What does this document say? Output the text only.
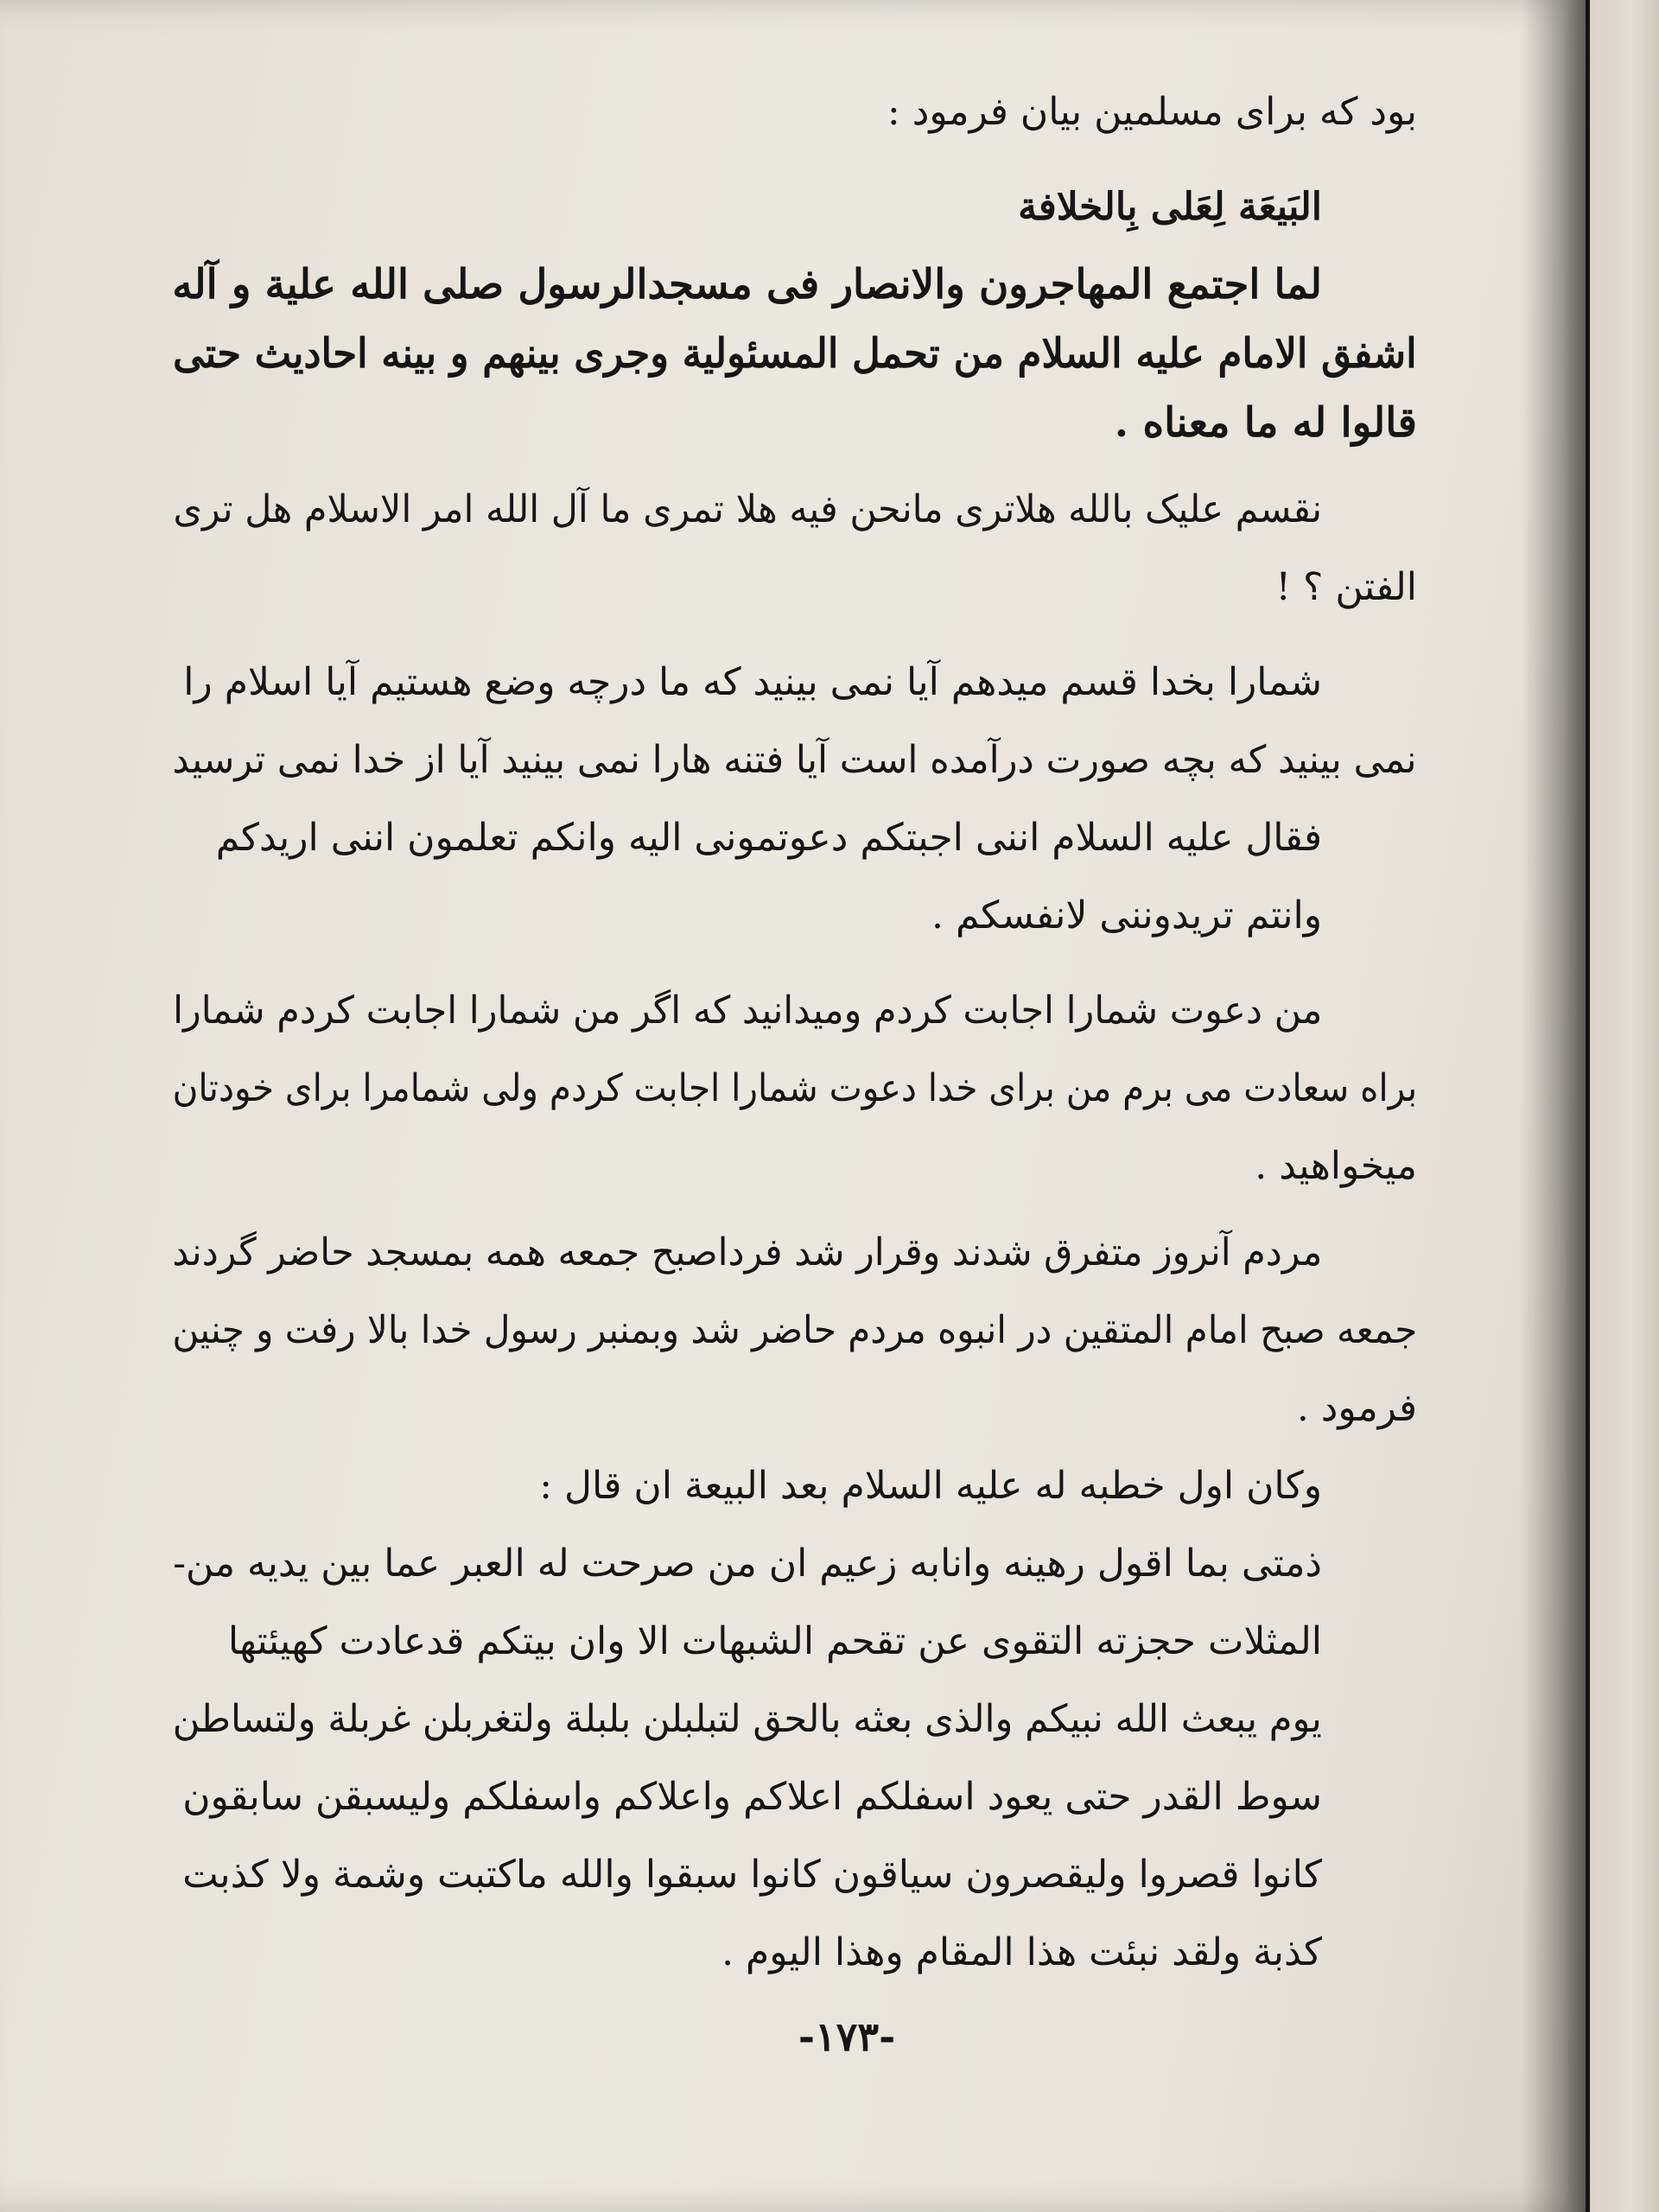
بود که برای مسلمین بیان فرمود :
البَیعَة لِعَلی بِالخلافة
لما اجتمع المهاجرون والانصار فی مسجدالرسول صلی الله علیة و آله
اشفق الامام علیه السلام من تحمل المسئولیة وجری بینهم و بینه احادیث حتی
قالوا له ما معناه .
نقسم علیک بالله هلاتری مانحن فیه هلا تمری ما آل الله امر الاسلام هل تری
الفتن ؟ !
شمارا بخدا قسم میدهم آیا نمی بینید که ما درچه وضع هستیم آیا اسلام را
نمی بینید که بچه صورت درآمده است آیا فتنه هارا نمی بینید آیا از خدا نمی ترسید
فقال علیه السلام اننی اجبتکم دعوتمونی الیه وانکم تعلمون اننی اریدکم
وانتم تریدوننی لانفسکم .
من دعوت شمارا اجابت کردم ومیدانید که اگر من شمارا اجابت کردم شمارا
براه سعادت می برم من برای خدا دعوت شمارا اجابت کردم ولی شمامرا برای خودتان
میخواهید .
مردم آنروز متفرق شدند وقرار شد فرداصبح جمعه همه بمسجد حاضر گردند
جمعه صبح امام المتقین در انبوه مردم حاضر شد وبمنبر رسول خدا بالا رفت و چنین
فرمود .
وکان اول خطبه له علیه السلام بعد البیعة ان قال :
ذمتی بما اقول رهینه وانابه زعیم ان من صرحت له العبر عما بین یدیه من-
المثلات حجزته التقوی عن تقحم الشبهات الا وان بیتکم قدعادت کهیئتها
یوم یبعث الله نبیکم والذی بعثه بالحق لتبلبلن بلبلة ولتغربلن غربلة ولتساطن
سوط القدر حتی یعود اسفلکم اعلاکم واعلاکم واسفلکم ولیسبقن سابقون
کانوا قصروا ولیقصرون سیاقون کانوا سبقوا والله ماکتبت وشمة ولا کذبت
کذبة ولقد نبئت هذا المقام وهذا الیوم .
-۱۷۳-
